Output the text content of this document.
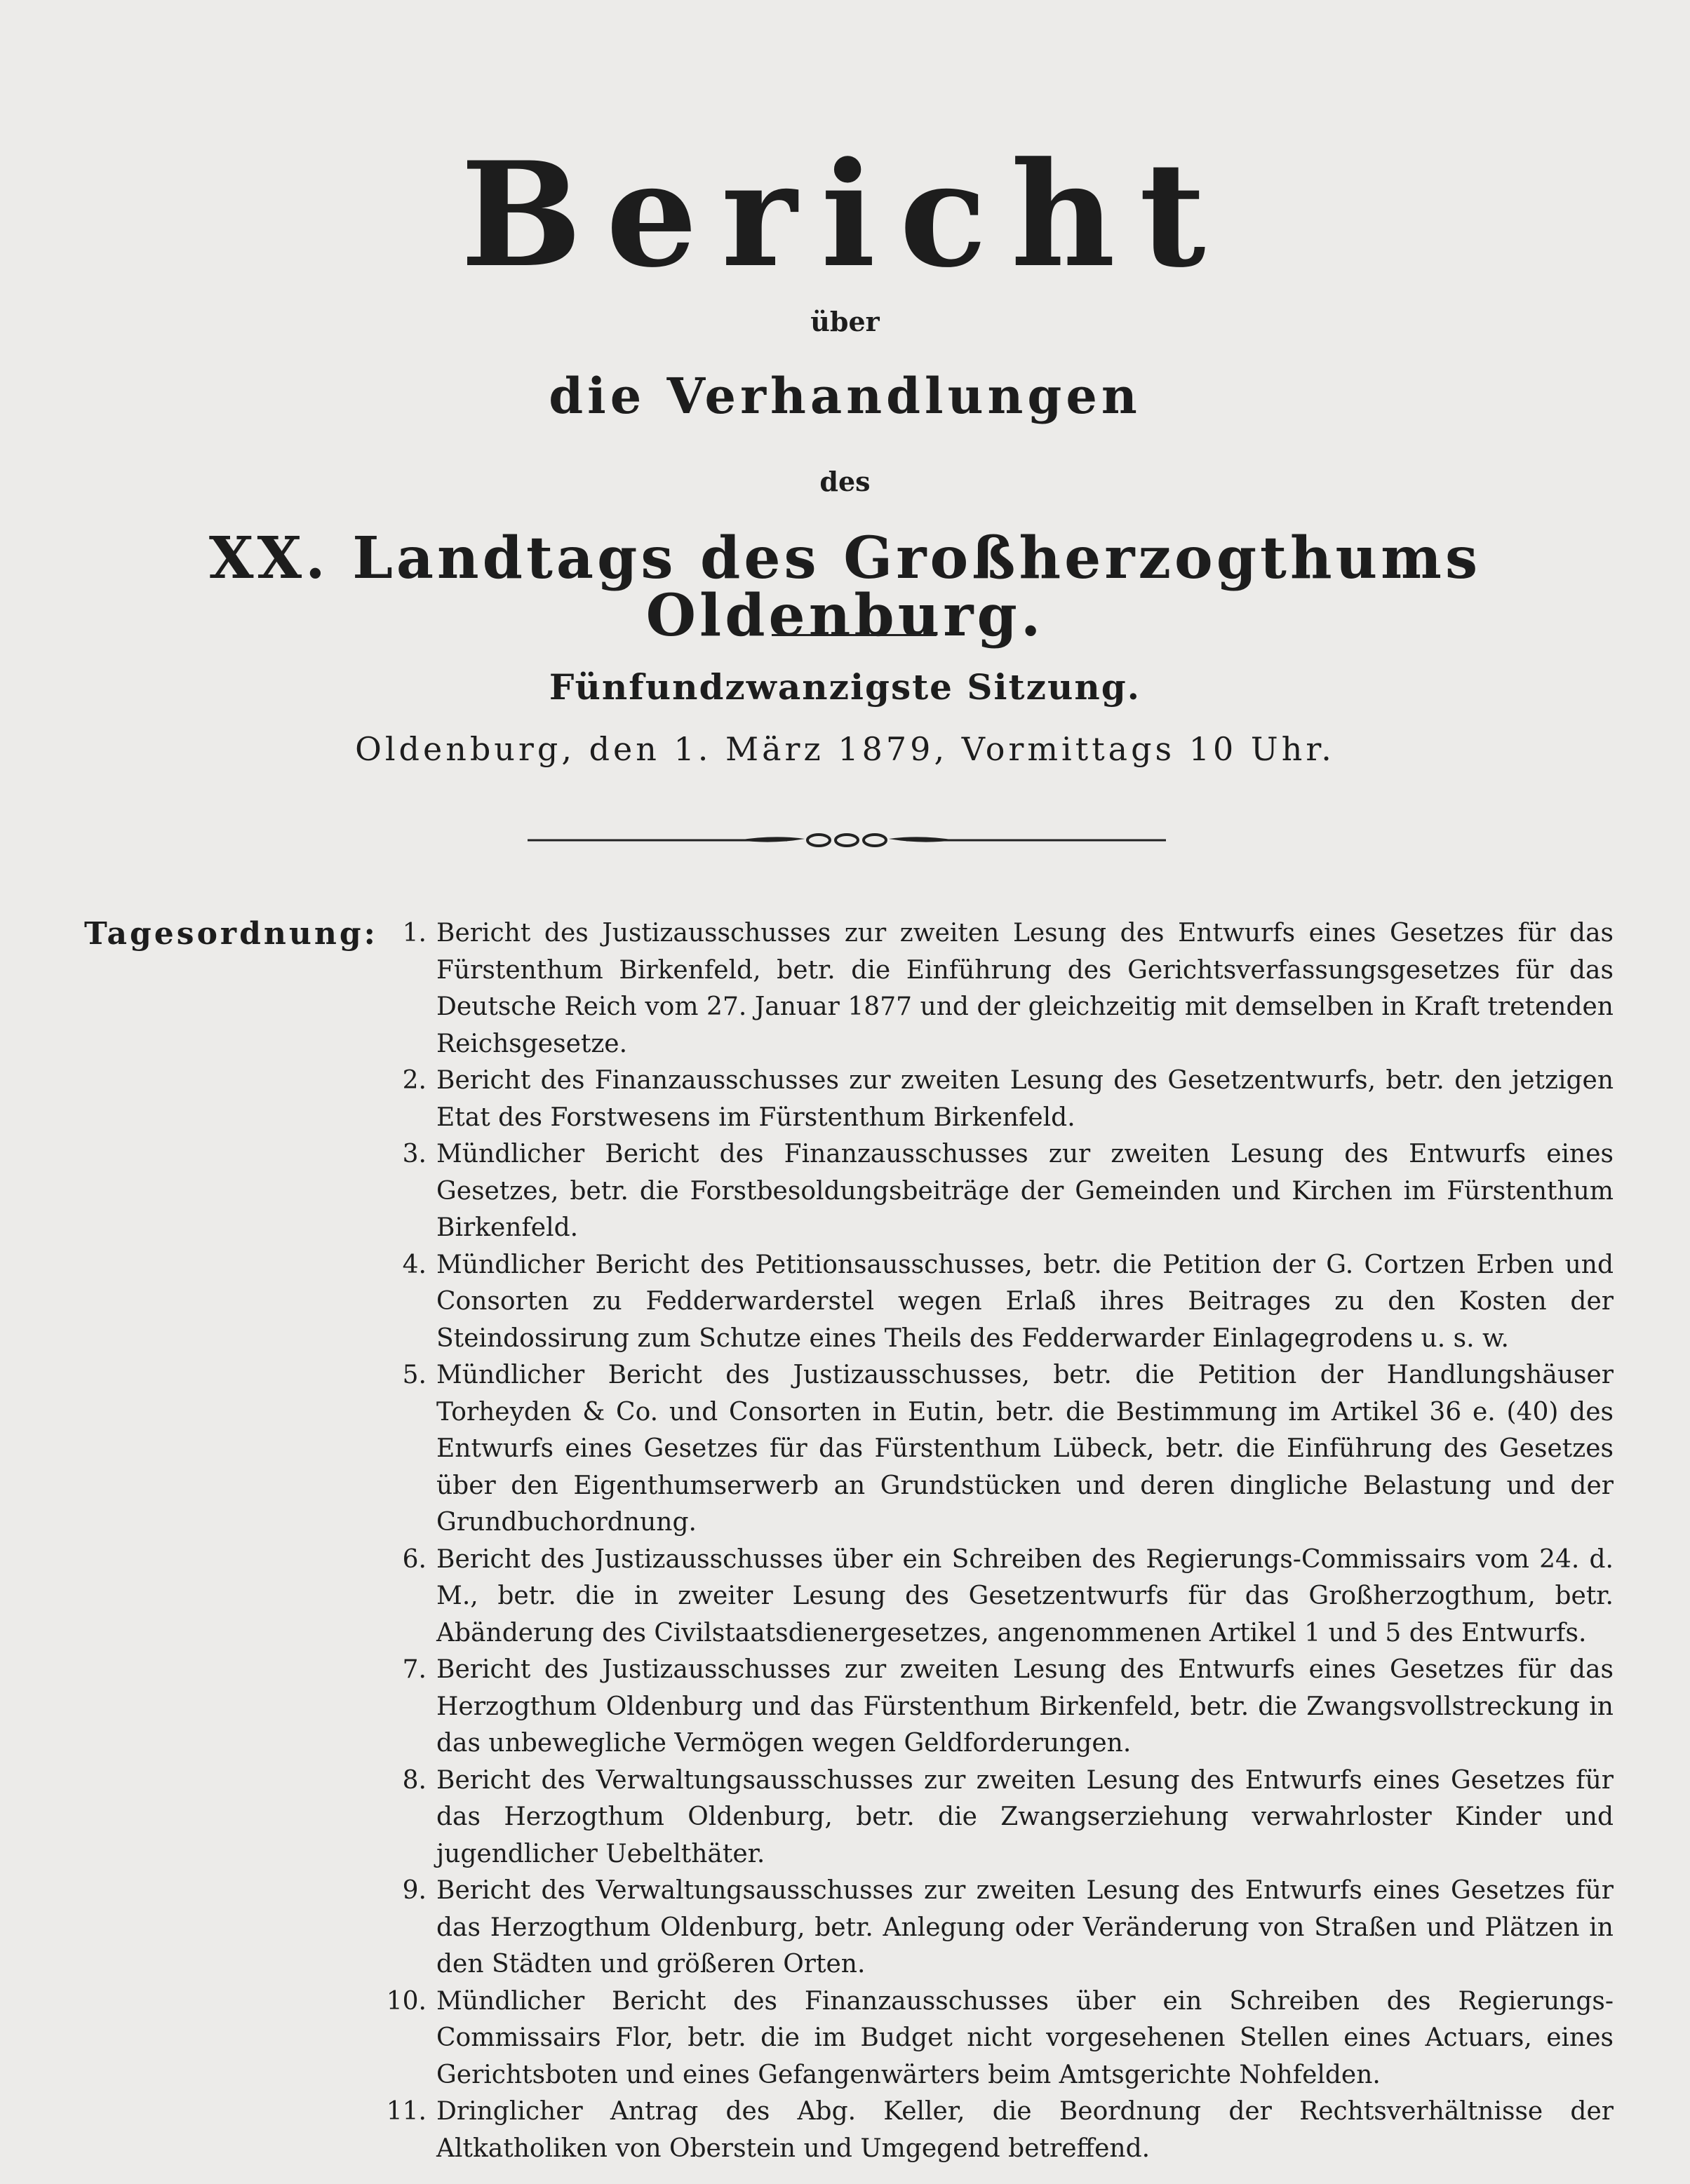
Bericht
über
die Verhandlungen
des
XX. Landtags des Großherzogthums Oldenburg.
Fünfundzwanzigste Sitzung.
Oldenburg, den 1. März 1879, Vormittags 10 Uhr.
Tagesordnung: 1. Bericht des Justizausschusses zur zweiten Lesung des Entwurfs eines Gesetzes für das Fürstenthum Birkenfeld, betr. die Einführung des Gerichtsverfassungsgesetzes für das Deutsche Reich vom 27. Januar 1877 und der gleichzeitig mit demselben in Kraft tretenden Reichsgesetze.
2. Bericht des Finanzausschusses zur zweiten Lesung des Gesetzentwurfs, betr. den jetzigen Etat des Forstwesens im Fürstenthum Birkenfeld.
3. Mündlicher Bericht des Finanzausschusses zur zweiten Lesung des Entwurfs eines Gesetzes, betr. die Forstbesoldungsbeiträge der Gemeinden und Kirchen im Fürstenthum Birkenfeld.
4. Mündlicher Bericht des Petitionsausschusses, betr. die Petition der G. Cortzen Erben und Consorten zu Fedderwarderstel wegen Erlaß ihres Beitrages zu den Kosten der Steindossirung zum Schutze eines Theils des Fedderwarder Einlagegrodens u. s. w.
5. Mündlicher Bericht des Justizausschusses, betr. die Petition der Handlungshäuser Torheyden & Co. und Consorten in Eutin, betr. die Bestimmung im Artikel 36 e. (40) des Entwurfs eines Gesetzes für das Fürstenthum Lübeck, betr. die Einführung des Gesetzes über den Eigenthumserwerb an Grundstücken und deren dingliche Belastung und der Grundbuchordnung.
6. Bericht des Justizausschusses über ein Schreiben des Regierungs-Commissairs vom 24. d. M., betr. die in zweiter Lesung des Gesetzentwurfs für das Großherzogthum, betr. Abänderung des Civilstaatsdienergesetzes, angenommenen Artikel 1 und 5 des Entwurfs.
7. Bericht des Justizausschusses zur zweiten Lesung des Entwurfs eines Gesetzes für das Herzogthum Oldenburg und das Fürstenthum Birkenfeld, betr. die Zwangsvollstreckung in das unbewegliche Vermögen wegen Geldforderungen.
8. Bericht des Verwaltungsausschusses zur zweiten Lesung des Entwurfs eines Gesetzes für das Herzogthum Oldenburg, betr. die Zwangserziehung verwahrloster Kinder und jugendlicher Uebelthäter.
9. Bericht des Verwaltungsausschusses zur zweiten Lesung des Entwurfs eines Gesetzes für das Herzogthum Oldenburg, betr. Anlegung oder Veränderung von Straßen und Plätzen in den Städten und größeren Orten.
10. Mündlicher Bericht des Finanzausschusses über ein Schreiben des Regierungs-Commissairs Flor, betr. die im Budget nicht vorgesehenen Stellen eines Actuars, eines Gerichtsboten und eines Gefangenwärters beim Amtsgerichte Nohfelden.
11. Dringlicher Antrag des Abg. Keller, die Beordnung der Rechtsverhältnisse der Altkatholiken von Oberstein und Umgegend betreffend.
